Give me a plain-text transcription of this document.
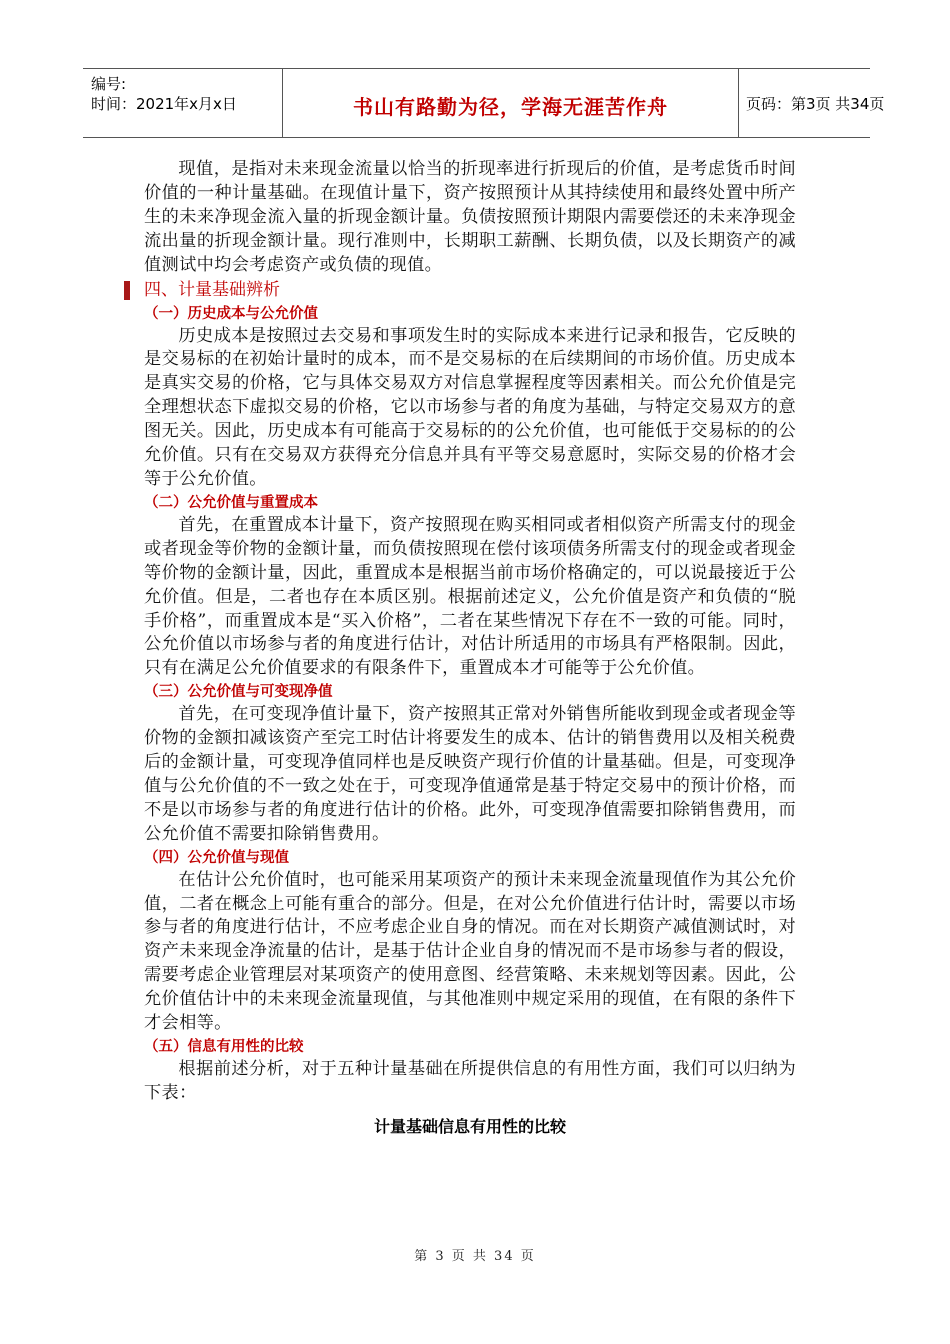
编号:
时间：2021年x月x日	书山有路勤为径，学海无涯苦作舟	页码：第3页 共34页

现值，是指对未来现金流量以恰当的折现率进行折现后的价值，是考虑货币时间价值的一种计量基础。在现值计量下，资产按照预计从其持续使用和最终处置中所产生的未来净现金流入量的折现金额计量。负债按照预计期限内需要偿还的未来净现金流出量的折现金额计量。现行准则中，长期职工薪酬、长期负债，以及长期资产的减值测试中均会考虑资产或负债的现值。

四、计量基础辨析
（一）历史成本与公允价值

历史成本是按照过去交易和事项发生时的实际成本来进行记录和报告，它反映的是交易标的在初始计量时的成本，而不是交易标的在后续期间的市场价值。历史成本是真实交易的价格，它与具体交易双方对信息掌握程度等因素相关。而公允价值是完全理想状态下虚拟交易的价格，它以市场参与者的角度为基础，与特定交易双方的意图无关。因此，历史成本有可能高于交易标的的公允价值，也可能低于交易标的的公允价值。只有在交易双方获得充分信息并具有平等交易意愿时，实际交易的价格才会等于公允价值。

（二）公允价值与重置成本

首先，在重置成本计量下，资产按照现在购买相同或者相似资产所需支付的现金或者现金等价物的金额计量，而负债按照现在偿付该项债务所需支付的现金或者现金等价物的金额计量，因此，重置成本是根据当前市场价格确定的，可以说最接近于公允价值。但是，二者也存在本质区别。根据前述定义，公允价值是资产和负债的“脱手价格”，而重置成本是“买入价格”，二者在某些情况下存在不一致的可能。同时，公允价值以市场参与者的角度进行估计，对估计所适用的市场具有严格限制。因此，只有在满足公允价值要求的有限条件下，重置成本才可能等于公允价值。

（三）公允价值与可变现净值

首先，在可变现净值计量下，资产按照其正常对外销售所能收到现金或者现金等价物的金额扣减该资产至完工时估计将要发生的成本、估计的销售费用以及相关税费后的金额计量，可变现净值同样也是反映资产现行价值的计量基础。但是，可变现净值与公允价值的不一致之处在于，可变现净值通常是基于特定交易中的预计价格，而不是以市场参与者的角度进行估计的价格。此外，可变现净值需要扣除销售费用，而公允价值不需要扣除销售费用。

（四）公允价值与现值

在估计公允价值时，也可能采用某项资产的预计未来现金流量现值作为其公允价值，二者在概念上可能有重合的部分。但是，在对公允价值进行估计时，需要以市场参与者的角度进行估计，不应考虑企业自身的情况。而在对长期资产减值测试时，对资产未来现金净流量的估计，是基于估计企业自身的情况而不是市场参与者的假设，需要考虑企业管理层对某项资产的使用意图、经营策略、未来规划等因素。因此，公允价值估计中的未来现金流量现值，与其他准则中规定采用的现值，在有限的条件下才会相等。

（五）信息有用性的比较

根据前述分析，对于五种计量基础在所提供信息的有用性方面，我们可以归纳为下表：

计量基础信息有用性的比较
第 3 页 共 34 页
